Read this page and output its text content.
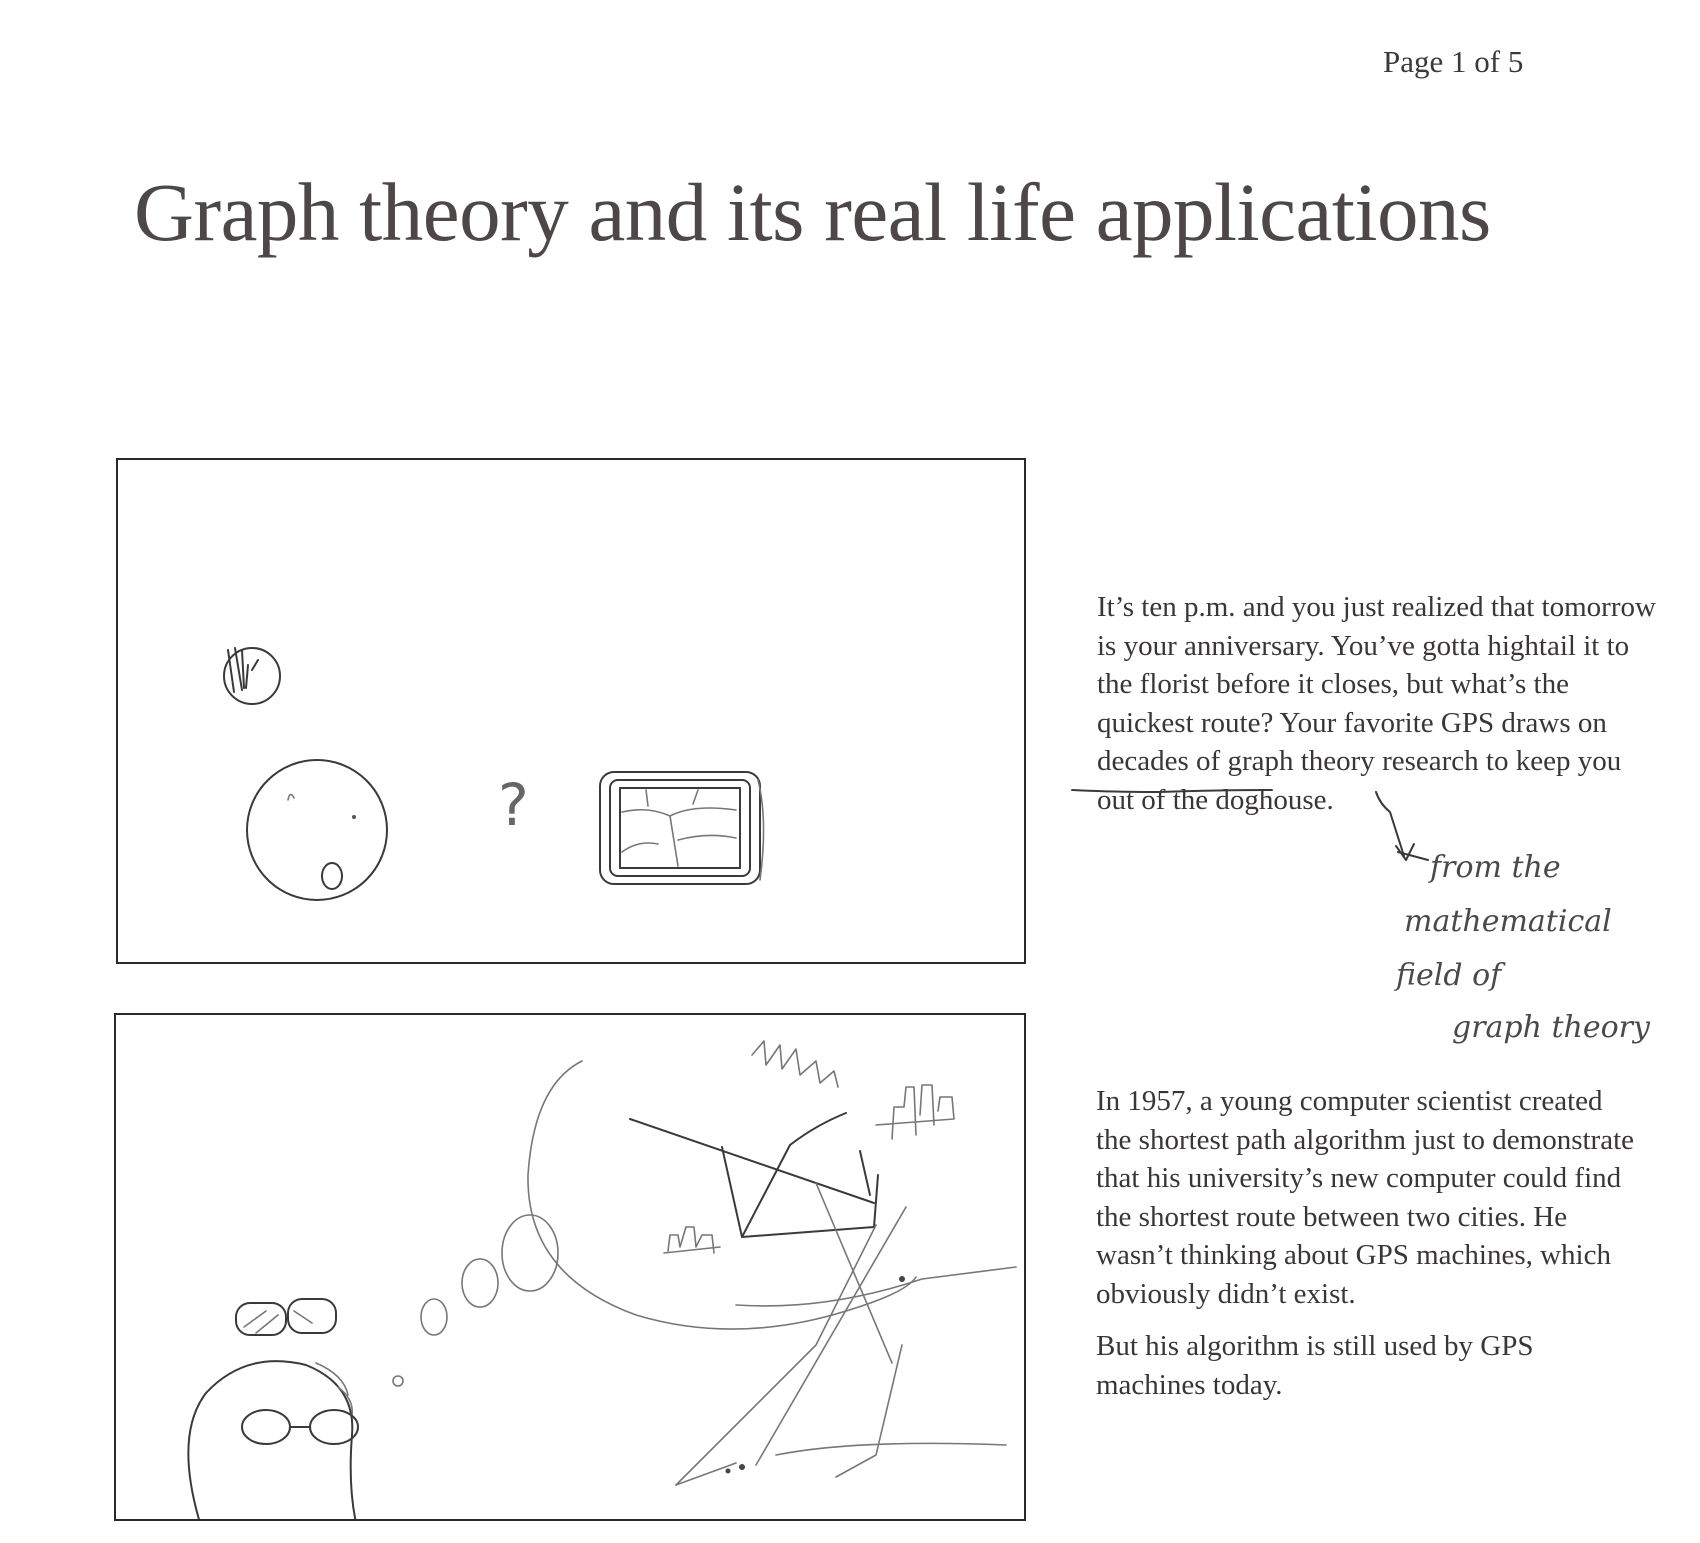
Page 1 of 5
Graph theory and its real life applications
?

It’s ten p.m. and you just realized that tomorrow is your anniversary. You’ve gotta hightail it to the florist before it closes, but what’s the quickest route? Your favorite GPS draws on decades of graph theory research to keep you out of the doghouse.

In 1957, a young computer scientist created the shortest path algorithm just to demonstrate that his university’s new computer could find the shortest route between two cities. He wasn’t thinking about GPS machines, which obviously didn’t exist.

But his algorithm is still used by GPS machines today.

from the
mathematical
field of
graph theory
